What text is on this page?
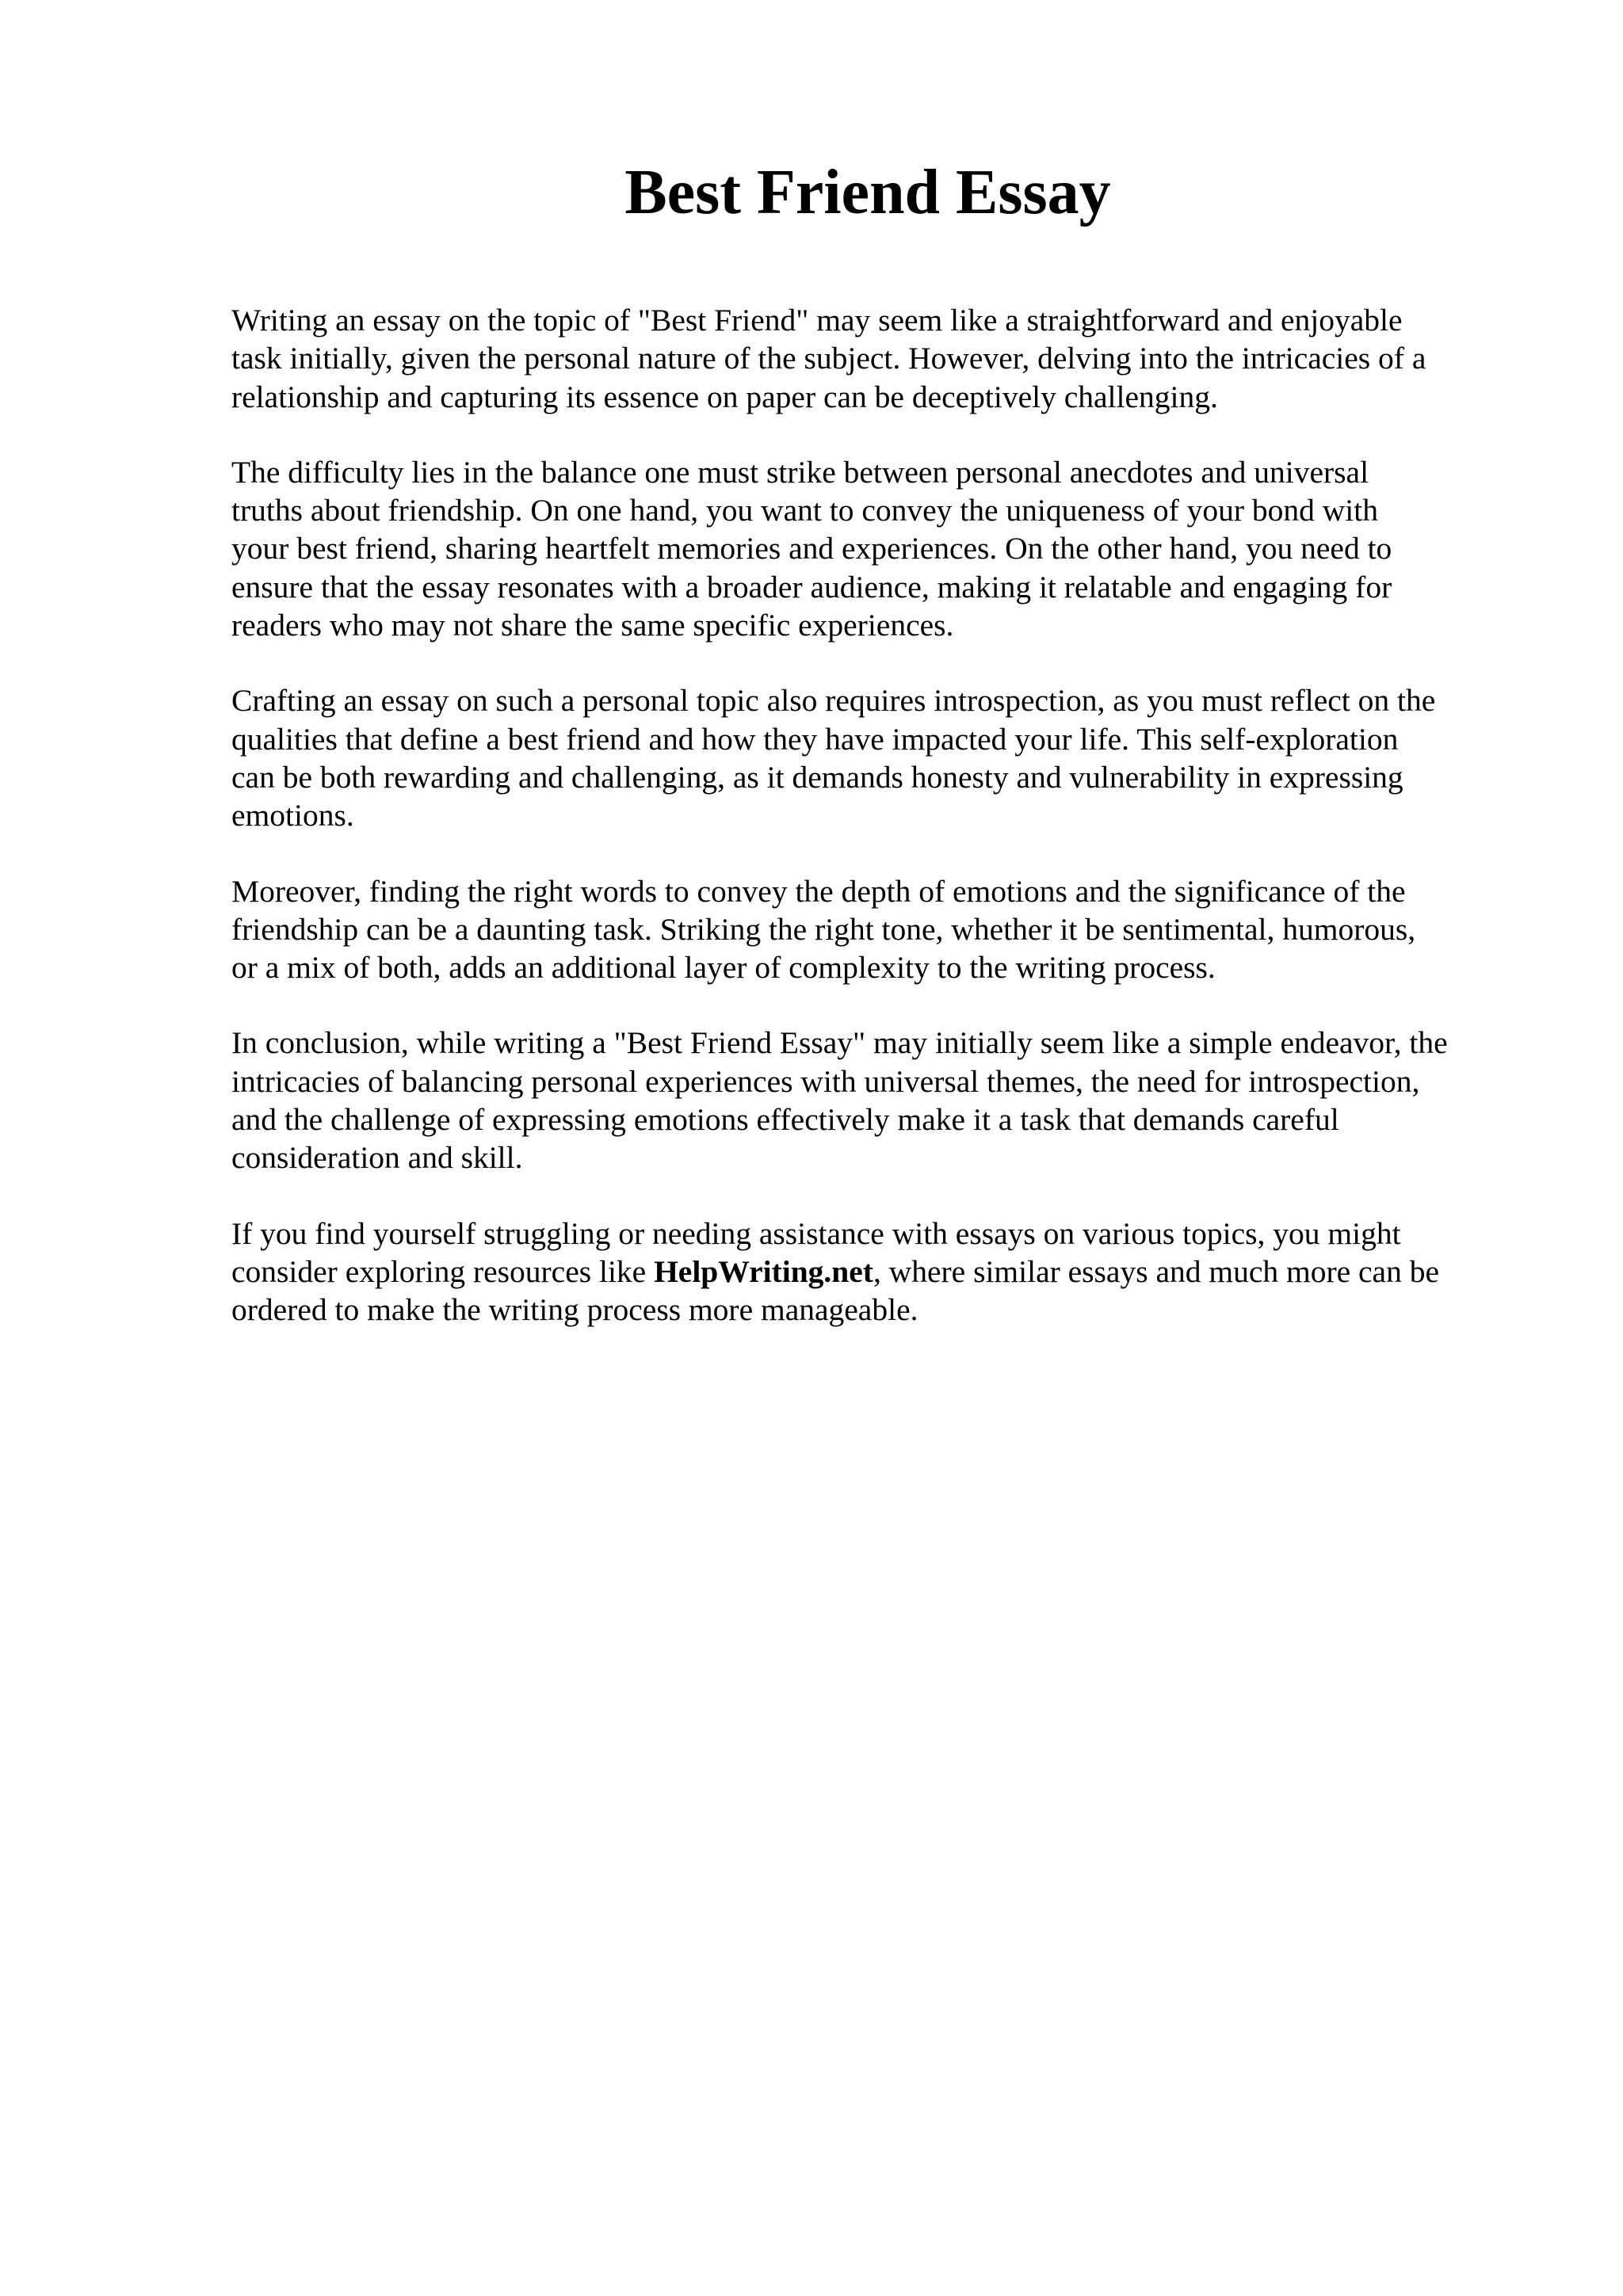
Best Friend Essay

Writing an essay on the topic of "Best Friend" may seem like a straightforward and enjoyable
task initially, given the personal nature of the subject. However, delving into the intricacies of a
relationship and capturing its essence on paper can be deceptively challenging.

The difficulty lies in the balance one must strike between personal anecdotes and universal
truths about friendship. On one hand, you want to convey the uniqueness of your bond with
your best friend, sharing heartfelt memories and experiences. On the other hand, you need to
ensure that the essay resonates with a broader audience, making it relatable and engaging for
readers who may not share the same specific experiences.

Crafting an essay on such a personal topic also requires introspection, as you must reflect on the
qualities that define a best friend and how they have impacted your life. This self-exploration
can be both rewarding and challenging, as it demands honesty and vulnerability in expressing
emotions.

Moreover, finding the right words to convey the depth of emotions and the significance of the
friendship can be a daunting task. Striking the right tone, whether it be sentimental, humorous,
or a mix of both, adds an additional layer of complexity to the writing process.

In conclusion, while writing a "Best Friend Essay" may initially seem like a simple endeavor, the
intricacies of balancing personal experiences with universal themes, the need for introspection,
and the challenge of expressing emotions effectively make it a task that demands careful
consideration and skill.

If you find yourself struggling or needing assistance with essays on various topics, you might
consider exploring resources like HelpWriting.net, where similar essays and much more can be
ordered to make the writing process more manageable.
